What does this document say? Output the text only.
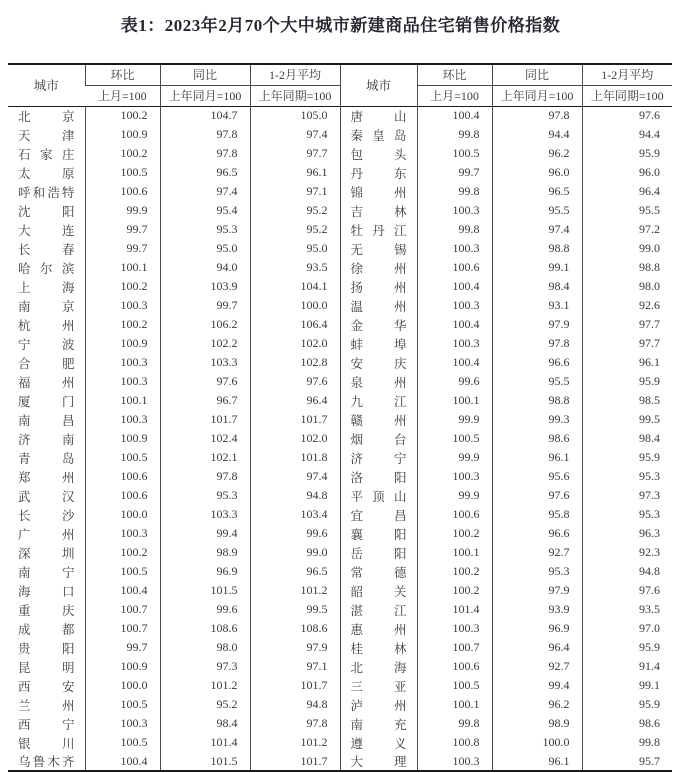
表1：2023年2月70个大中城市新建商品住宅销售价格指数
城市	环比	同比	1-2月平均	城市	环比	同比	1-2月平均
	上月=100	上年同月=100	上年同期=100		上月=100	上年同月=100	上年同期=100
北京	100.2	104.7	105.0	唐山	100.4	97.8	97.6
天津	100.9	97.8	97.4	秦皇岛	99.8	94.4	94.4
石家庄	100.2	97.8	97.7	包头	100.5	96.2	95.9
太原	100.5	96.5	96.1	丹东	99.7	96.0	96.0
呼和浩特	100.6	97.4	97.1	锦州	99.8	96.5	96.4
沈阳	99.9	95.4	95.2	吉林	100.3	95.5	95.5
大连	99.7	95.3	95.2	牡丹江	99.8	97.4	97.2
长春	99.7	95.0	95.0	无锡	100.3	98.8	99.0
哈尔滨	100.1	94.0	93.5	徐州	100.6	99.1	98.8
上海	100.2	103.9	104.1	扬州	100.4	98.4	98.0
南京	100.3	99.7	100.0	温州	100.3	93.1	92.6
杭州	100.2	106.2	106.4	金华	100.4	97.9	97.7
宁波	100.9	102.2	102.0	蚌埠	100.3	97.8	97.7
合肥	100.3	103.3	102.8	安庆	100.4	96.6	96.1
福州	100.3	97.6	97.6	泉州	99.6	95.5	95.9
厦门	100.1	96.7	96.4	九江	100.1	98.8	98.5
南昌	100.3	101.7	101.7	赣州	99.9	99.3	99.5
济南	100.9	102.4	102.0	烟台	100.5	98.6	98.4
青岛	100.5	102.1	101.8	济宁	99.9	96.1	95.9
郑州	100.6	97.8	97.4	洛阳	100.3	95.6	95.3
武汉	100.6	95.3	94.8	平顶山	99.9	97.6	97.3
长沙	100.0	103.3	103.4	宜昌	100.6	95.8	95.3
广州	100.3	99.4	99.6	襄阳	100.2	96.6	96.3
深圳	100.2	98.9	99.0	岳阳	100.1	92.7	92.3
南宁	100.5	96.9	96.5	常德	100.2	95.3	94.8
海口	100.4	101.5	101.2	韶关	100.2	97.9	97.6
重庆	100.7	99.6	99.5	湛江	101.4	93.9	93.5
成都	100.7	108.6	108.6	惠州	100.3	96.9	97.0
贵阳	99.7	98.0	97.9	桂林	100.7	96.4	95.9
昆明	100.9	97.3	97.1	北海	100.6	92.7	91.4
西安	100.0	101.2	101.7	三亚	100.5	99.4	99.1
兰州	100.5	95.2	94.8	泸州	100.1	96.2	95.9
西宁	100.3	98.4	97.8	南充	99.8	98.9	98.6
银川	100.5	101.4	101.2	遵义	100.8	100.0	99.8
乌鲁木齐	100.4	101.5	101.7	大理	100.3	96.1	95.7
